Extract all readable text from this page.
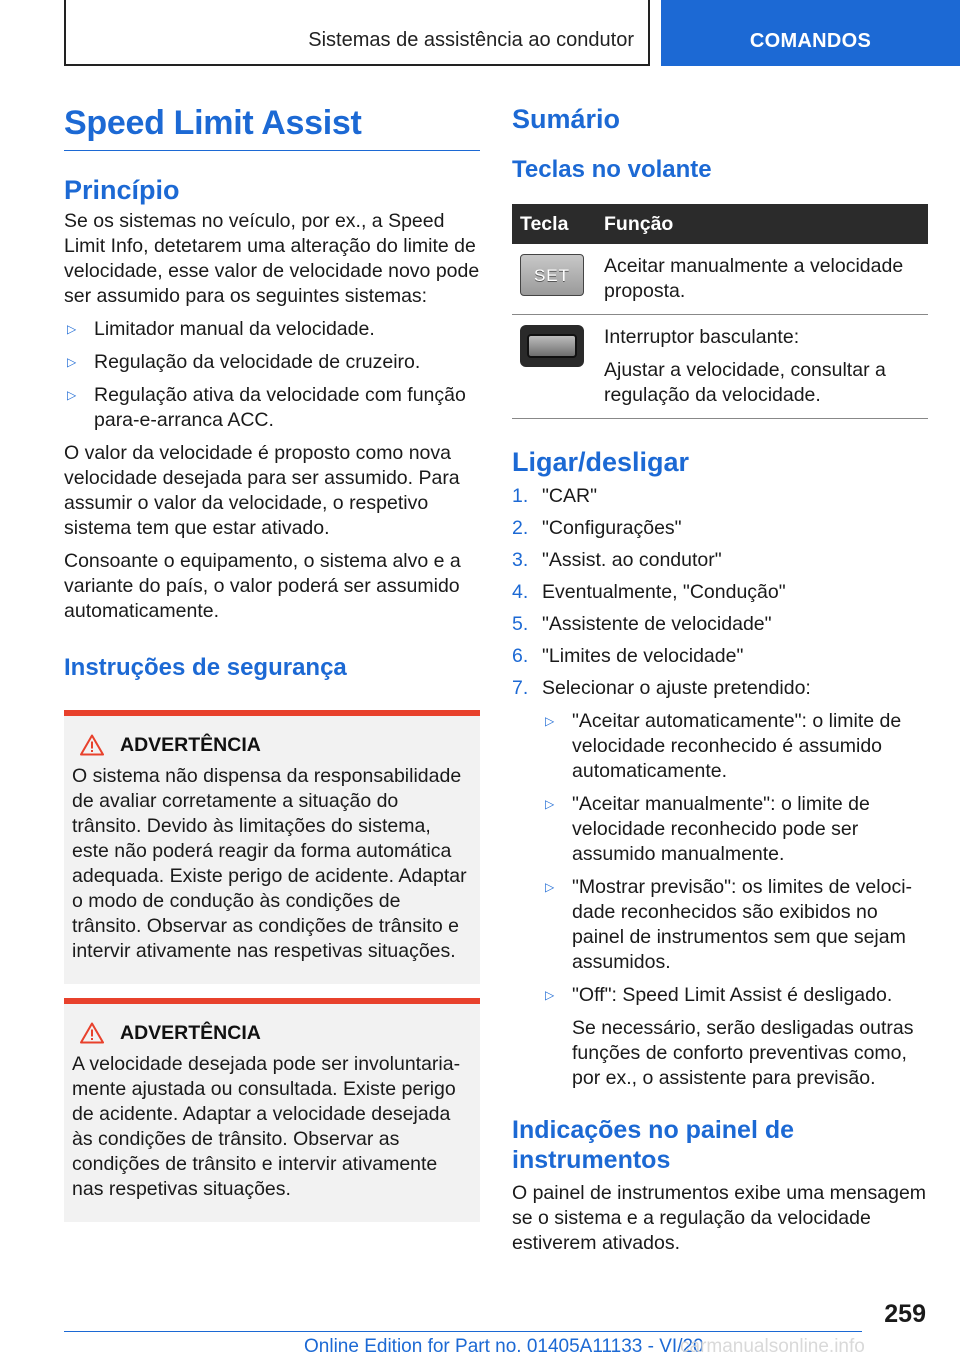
Sistemas de assistência ao condutor	COMANDOS
Speed Limit Assist
Princípio

Se os sistemas no veículo, por ex., a Speed Limit Info, detetarem uma alteração do limite de velocidade, esse valor de velocidade novo pode ser assumido para os seguintes sistemas:

▷ Limitador manual da velocidade.
▷ Regulação da velocidade de cruzeiro.
▷ Regulação ativa da velocidade com função para-e-arranca ACC.

O valor da velocidade é proposto como nova velocidade desejada para ser assumido. Para assumir o valor da velocidade, o respetivo sistema tem que estar ativado.

Consoante o equipamento, o sistema alvo e a variante do país, o valor poderá ser assumido automaticamente.

Instruções de segurança
ADVERTÊNCIA

O sistema não dispensa da responsabilidade de avaliar corretamente a situação do trânsito. Devido às limitações do sistema, este não poderá reagir da forma automática adequada. Existe perigo de acidente. Adaptar o modo de condução às condições de trânsito. Observar as condições de trânsito e intervir ativamente nas respetivas situações.

ADVERTÊNCIA

A velocidade desejada pode ser involuntariamente ajustada ou consultada. Existe perigo de acidente. Adaptar a velocidade desejada às condições de trânsito. Observar as condições de trânsito e intervir ativamente nas respetivas situações.

Sumário
Teclas no volante
Tecla	Função

SET	Aceitar manualmente a velocidade proposta.

	Interruptor basculante:
Ajustar a velocidade, consultar a regulação da velocidade.
Ligar/desligar
1. "CAR"
2. "Configurações"
3. "Assist. ao condutor"
4. Eventualmente, "Condução"
5. "Assistente de velocidade"
6. "Limites de velocidade"
7. Selecionar o ajuste pretendido:
▷ "Aceitar automaticamente": o limite de velocidade reconhecido é assumido automaticamente.
▷ "Aceitar manualmente": o limite de velocidade reconhecido pode ser assumido manualmente.
▷ "Mostrar previsão": os limites de velocidade reconhecidos são exibidos no painel de instrumentos sem que sejam assumidos.
▷ "Off": Speed Limit Assist é desligado.
Se necessário, serão desligadas outras funções de conforto preventivas como, por ex., o assistente para previsão.
Indicações no painel de instrumentos

O painel de instrumentos exibe uma mensagem se o sistema e a regulação da velocidade estiverem ativados.

259
Online Edition for Part no. 01405A11133 - VI/20
carmanualsonline.info
